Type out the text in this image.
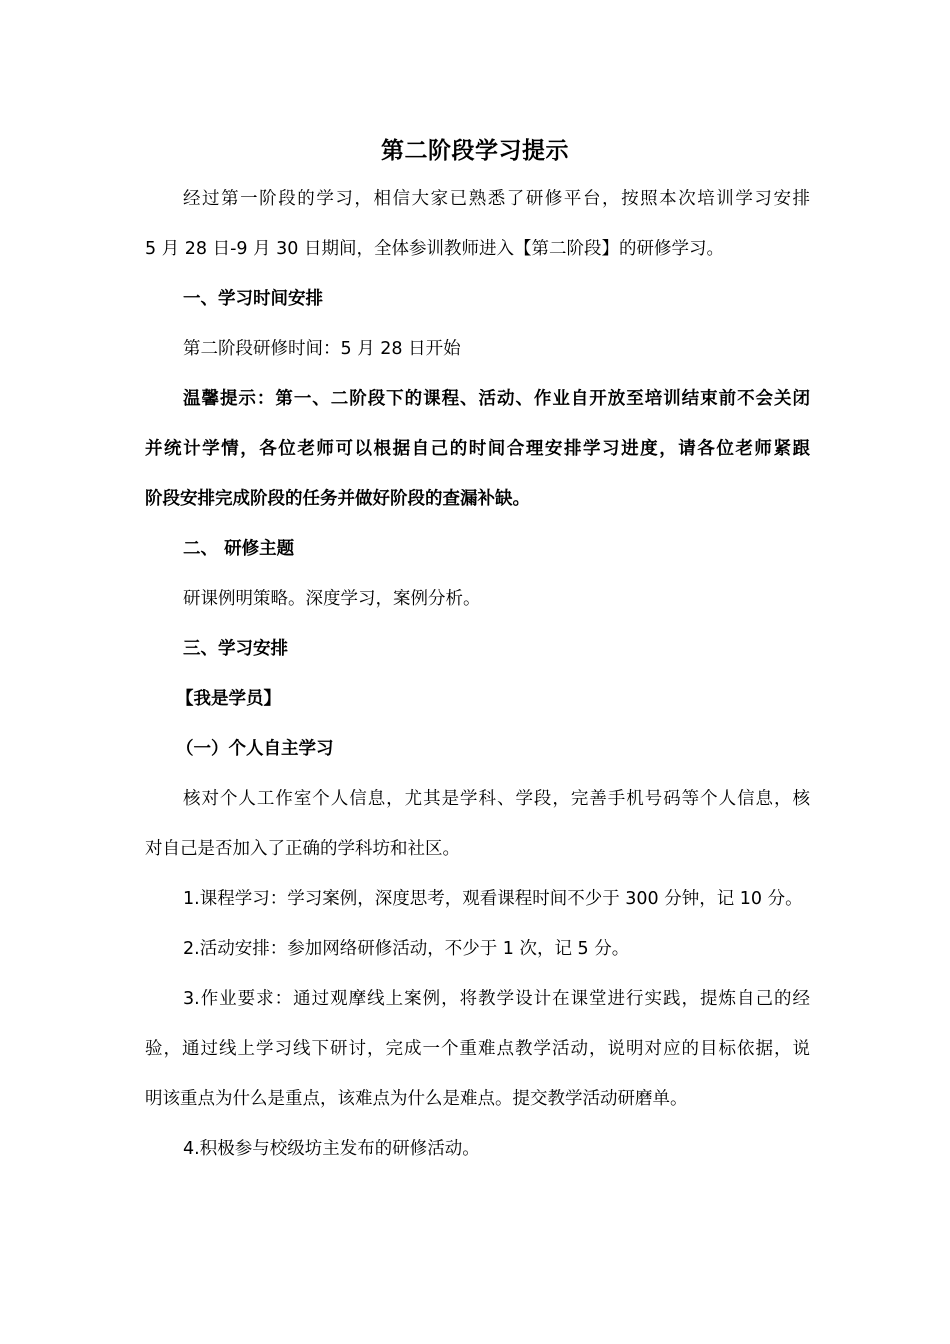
第二阶段学习提示
经过第一阶段的学习，相信大家已熟悉了研修平台，按照本次培训学习安排
5 月 28 日-9 月 30 日期间，全体参训教师进入【第二阶段】的研修学习。
一、学习时间安排
第二阶段研修时间：5 月 28 日开始
温馨提示：第一、二阶段下的课程、活动、作业自开放至培训结束前不会关闭
并统计学情，各位老师可以根据自己的时间合理安排学习进度，请各位老师紧跟
阶段安排完成阶段的任务并做好阶段的查漏补缺。
二、 研修主题
研课例明策略。深度学习，案例分析。
三、学习安排
【我是学员】
（一）个人自主学习
核对个人工作室个人信息，尤其是学科、学段，完善手机号码等个人信息，核
对自己是否加入了正确的学科坊和社区。
1.课程学习：学习案例，深度思考，观看课程时间不少于 300 分钟，记 10 分。
2.活动安排：参加网络研修活动，不少于 1 次，记 5 分。
3.作业要求：通过观摩线上案例，将教学设计在课堂进行实践，提炼自己的经
验，通过线上学习线下研讨，完成一个重难点教学活动，说明对应的目标依据，说
明该重点为什么是重点，该难点为什么是难点。提交教学活动研磨单。
4.积极参与校级坊主发布的研修活动。
